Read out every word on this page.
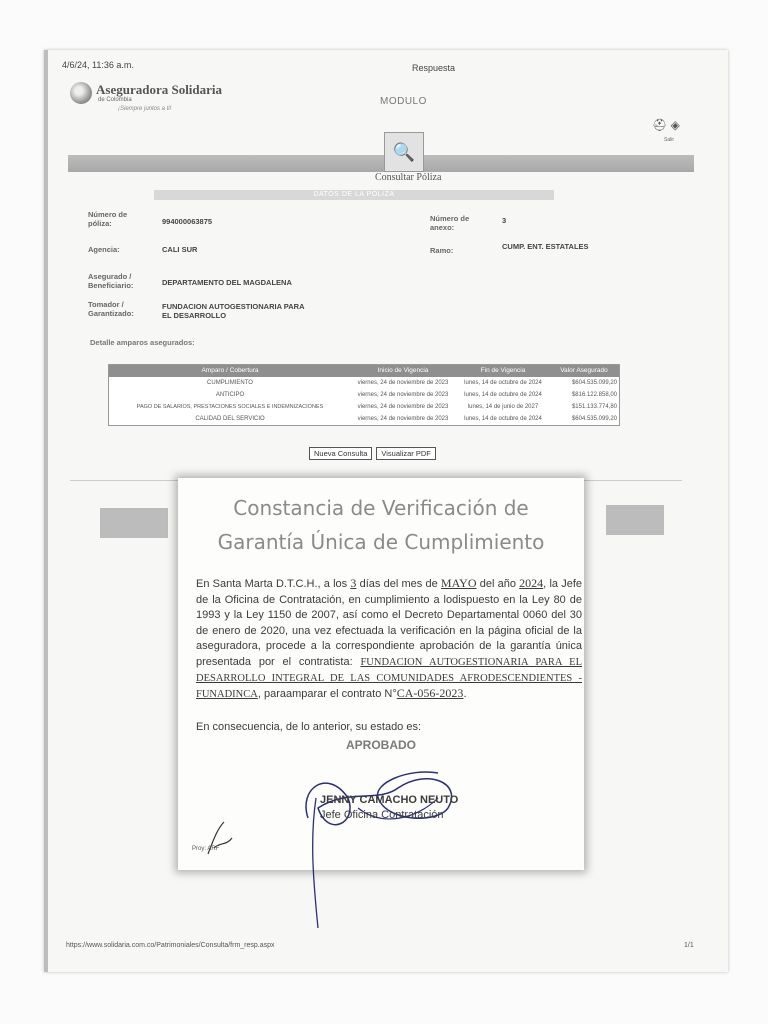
4/6/24, 11:36 a.m.	Respuesta
Aseguradora Solidaria
de Colombia
¡Siempre juntos a ti!
MODULO
🔍
Consultar Póliza
⛑ ◈
Salir
DATOS DE LA POLIZA
Número de póliza:	994000063875	Número de anexo:
3
Agencia:	CALI SUR	Ramo:	CUMP. ENT. ESTATALES
Asegurado / Beneficiario:	DEPARTAMENTO DEL MAGDALENA
Tomador / Garantizado:
FUNDACION AUTOGESTIONARIA PARA
EL DESARROLLO
Detalle amparos asegurados:
Amparo / Cobertura	Inicio de Vigencia	Fin de Vigencia	Valor Asegurado
CUMPLIMIENTO	viernes, 24 de noviembre de 2023	lunes, 14 de octubre de 2024	$604.535.099,20
ANTICIPO	viernes, 24 de noviembre de 2023	lunes, 14 de octubre de 2024	$816.122.858,00
PAGO DE SALARIOS, PRESTACIONES SOCIALES E INDEMNIZACIONES	viernes, 24 de noviembre de 2023	lunes, 14 de junio de 2027	$151.133.774,80
CALIDAD DEL SERVICIO	viernes, 24 de noviembre de 2023	lunes, 14 de octubre de 2024	$604.535.099,20
Nueva Consulta	Visualizar PDF
Constancia de Verificación de
Garantía Única de Cumplimiento
En Santa Marta D.T.C.H., a los 3 días del mes de MAYO del año 2024, la Jefe de la Oficina de Contratación, en cumplimiento a lodispuesto en la Ley 80 de 1993 y la Ley 1150 de 2007, así como el Decreto Departamental 0060 del 30 de enero de 2020, una vez efectuada la verificación en la página oficial de la aseguradora, procede a la correspondiente aprobación de la garantía única presentada por el contratista: FUNDACION AUTOGESTIONARIA PARA EL DESARROLLO INTEGRAL DE LAS COMUNIDADES AFRODESCENDIENTES - FUNADINCA, paraamparar el contrato N°CA-056-2023.
En consecuencia, de lo anterior, su estado es:
APROBADO
JENNY CAMACHO NEUTO
Jefe Oficina Contratación
Proy: ARF
https://www.solidaria.com.co/Patrimoniales/Consulta/frm_resp.aspx	1/1
